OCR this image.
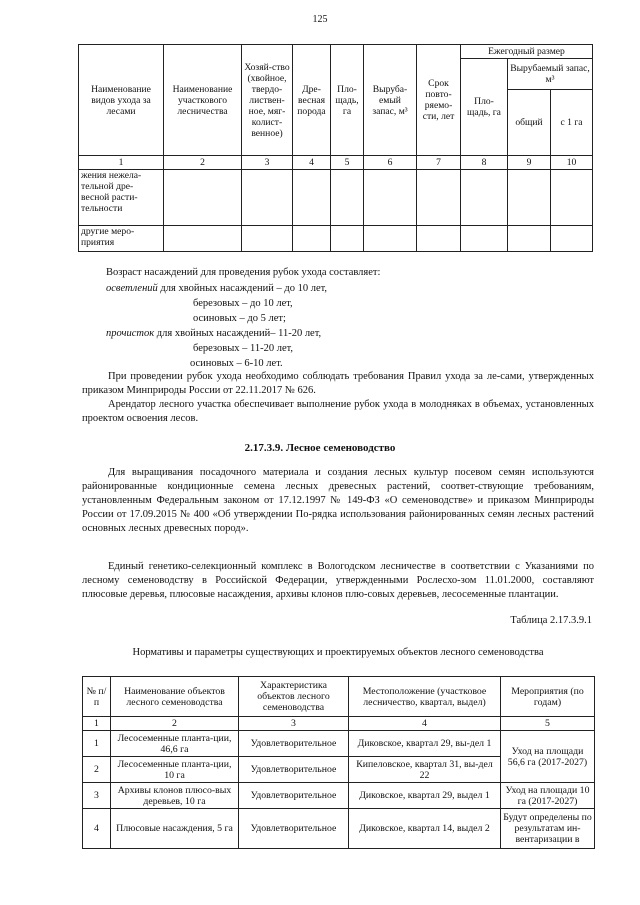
125
Наименование видов ухода за лесами	Наименование участкового лесничества	Хозяй-ство (хвойное, твердо-листвен-ное, мяг-колист-венное)	Дре-весная порода	Пло-щадь, га	Выруба-емый запас, м³	Срок повто-ряемо-сти, лет	Ежегодный размер		
							Пло-щадь, га	Вырубаемый запас, м³	
								общий	с 1 га
1	2	3	4	5	6	7	8	9	10
жения нежела-тельной дре-весной расти-тельности									
другие меро-приятия									
Возраст насаждений для проведения рубок ухода составляет:
осветлений для хвойных насаждений – до 10 лет,
березовых – до 10 лет,
осиновых – до 5 лет;
прочисток для хвойных насаждений– 11-20 лет,
березовых – 11-20 лет,
осиновых – 6-10 лет.
При проведении рубок ухода необходимо соблюдать требования Правил ухода за ле-сами, утвержденных приказом Минприроды России от 22.11.2017 № 626.
Арендатор лесного участка обеспечивает выполнение рубок ухода в молодняках в объемах, установленных проектом освоения лесов.
2.17.3.9. Лесное семеноводство
Для выращивания посадочного материала и создания лесных культур посевом семян используются районированные кондиционные семена лесных древесных растений, соответ-ствующие требованиям, установленным Федеральным законом от 17.12.1997 № 149-ФЗ «О семеноводстве» и приказом Минприроды России от 17.09.2015 № 400 «Об утверждении По-рядка использования районированных семян лесных растений основных лесных древесных пород».
Единый генетико-селекционный комплекс в Вологодском лесничестве в соответствии с Указаниями по лесному семеноводству в Российской Федерации, утвержденными Рослесхо-зом 11.01.2000, составляют плюсовые деревья, плюсовые насаждения, архивы клонов плю-совых деревьев, лесосеменные плантации.
Таблица 2.17.3.9.1
Нормативы и параметры существующих и проектируемых объектов лесного семеноводства
№ п/п	Наименование объектов лесного семеноводства	Характеристика объектов лесного семеноводства	Местоположение (участковое лесничество, квартал, выдел)	Мероприятия (по годам)
1	2	3	4	5
1	Лесосеменные планта-ции, 46,6 га	Удовлетворительное	Диковское, квартал 29, вы-дел 1	Уход на площади 56,6 га (2017-2027)
2	Лесосеменные планта-ции, 10 га	Удовлетворительное	Кипеловское, квартал 31, вы-дел 22	
3	Архивы клонов плюсо-вых деревьев, 10 га	Удовлетворительное	Диковское, квартал 29, выдел 1	Уход на площади 10 га (2017-2027)
4	Плюсовые насаждения, 5 га	Удовлетворительное	Диковское, квартал 14, выдел 2	Будут определены по результатам ин-вентаризации в
